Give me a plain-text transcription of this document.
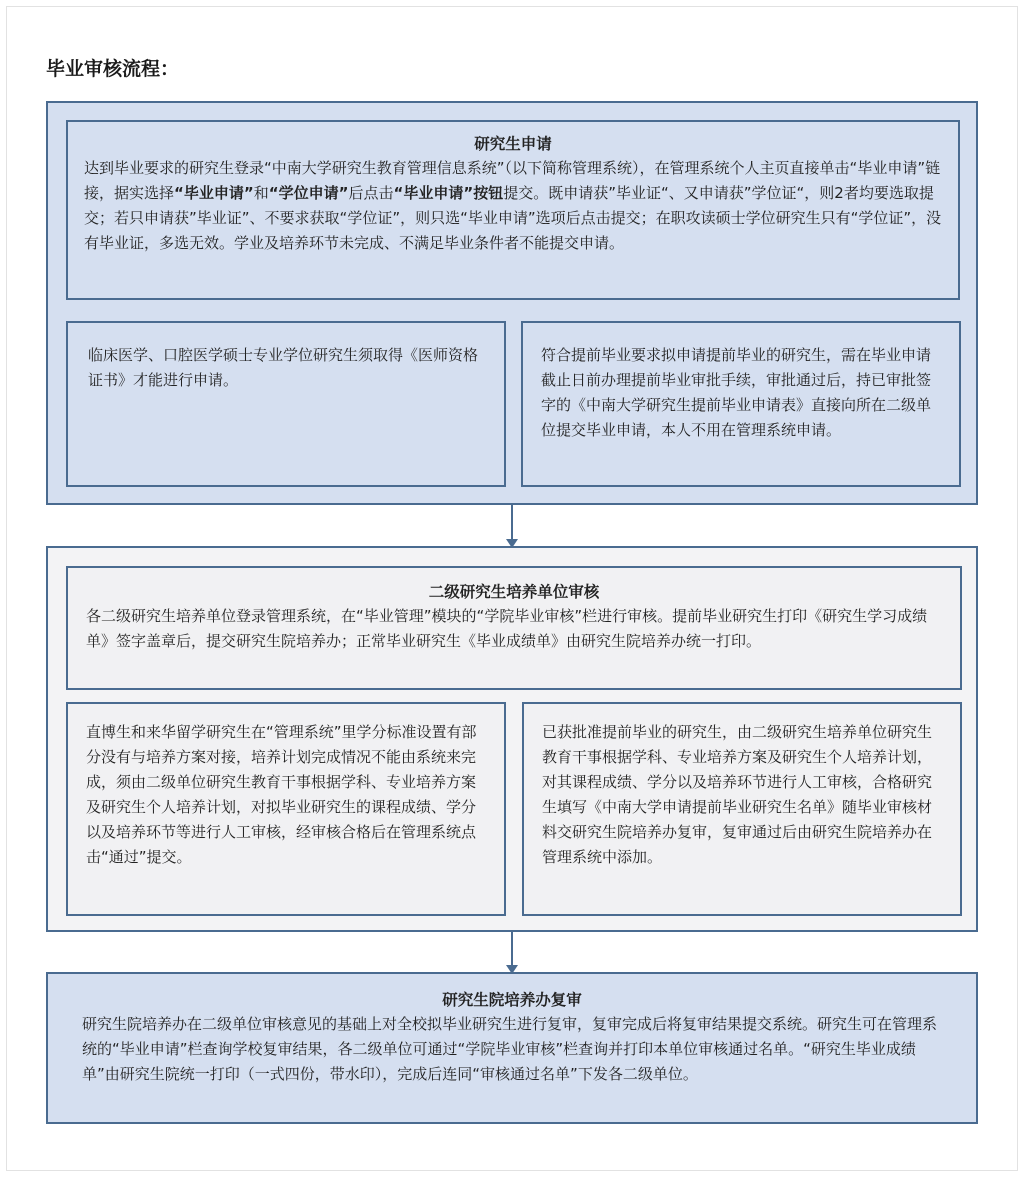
毕业审核流程：
研究生申请

达到毕业要求的研究生登录“中南大学研究生教育管理信息系统”（以下简称管理系统），在管理系统个人主页直接单击“毕业申请”链接，据实选择“毕业申请”和“学位申请”后点击“毕业申请”按钮提交。既申请获”毕业证“、又申请获”学位证“，则2者均要选取提交；若只申请获”毕业证”、不要求获取“学位证”，则只选“毕业申请”选项后点击提交；在职攻读硕士学位研究生只有“学位证”，没有毕业证，多选无效。学业及培养环节未完成、不满足毕业条件者不能提交申请。

临床医学、口腔医学硕士专业学位研究生须取得《医师资格证书》才能进行申请。

符合提前毕业要求拟申请提前毕业的研究生，需在毕业申请截止日前办理提前毕业审批手续，审批通过后，持已审批签字的《中南大学研究生提前毕业申请表》直接向所在二级单位提交毕业申请，本人不用在管理系统申请。

二级研究生培养单位审核

各二级研究生培养单位登录管理系统，在“毕业管理”模块的“学院毕业审核”栏进行审核。提前毕业研究生打印《研究生学习成绩单》签字盖章后，提交研究生院培养办；正常毕业研究生《毕业成绩单》由研究生院培养办统一打印。

直博生和来华留学研究生在“管理系统”里学分标准设置有部分没有与培养方案对接，培养计划完成情况不能由系统来完成，须由二级单位研究生教育干事根据学科、专业培养方案及研究生个人培养计划，对拟毕业研究生的课程成绩、学分以及培养环节等进行人工审核，经审核合格后在管理系统点击“通过”提交。

已获批准提前毕业的研究生，由二级研究生培养单位研究生教育干事根据学科、专业培养方案及研究生个人培养计划，对其课程成绩、学分以及培养环节进行人工审核，合格研究生填写《中南大学申请提前毕业研究生名单》随毕业审核材料交研究生院培养办复审，复审通过后由研究生院培养办在管理系统中添加。

研究生院培养办复审

研究生院培养办在二级单位审核意见的基础上对全校拟毕业研究生进行复审，复审完成后将复审结果提交系统。研究生可在管理系统的“毕业申请”栏查询学校复审结果，各二级单位可通过“学院毕业审核”栏查询并打印本单位审核通过名单。“研究生毕业成绩单”由研究生院统一打印（一式四份，带水印），完成后连同“审核通过名单”下发各二级单位。
